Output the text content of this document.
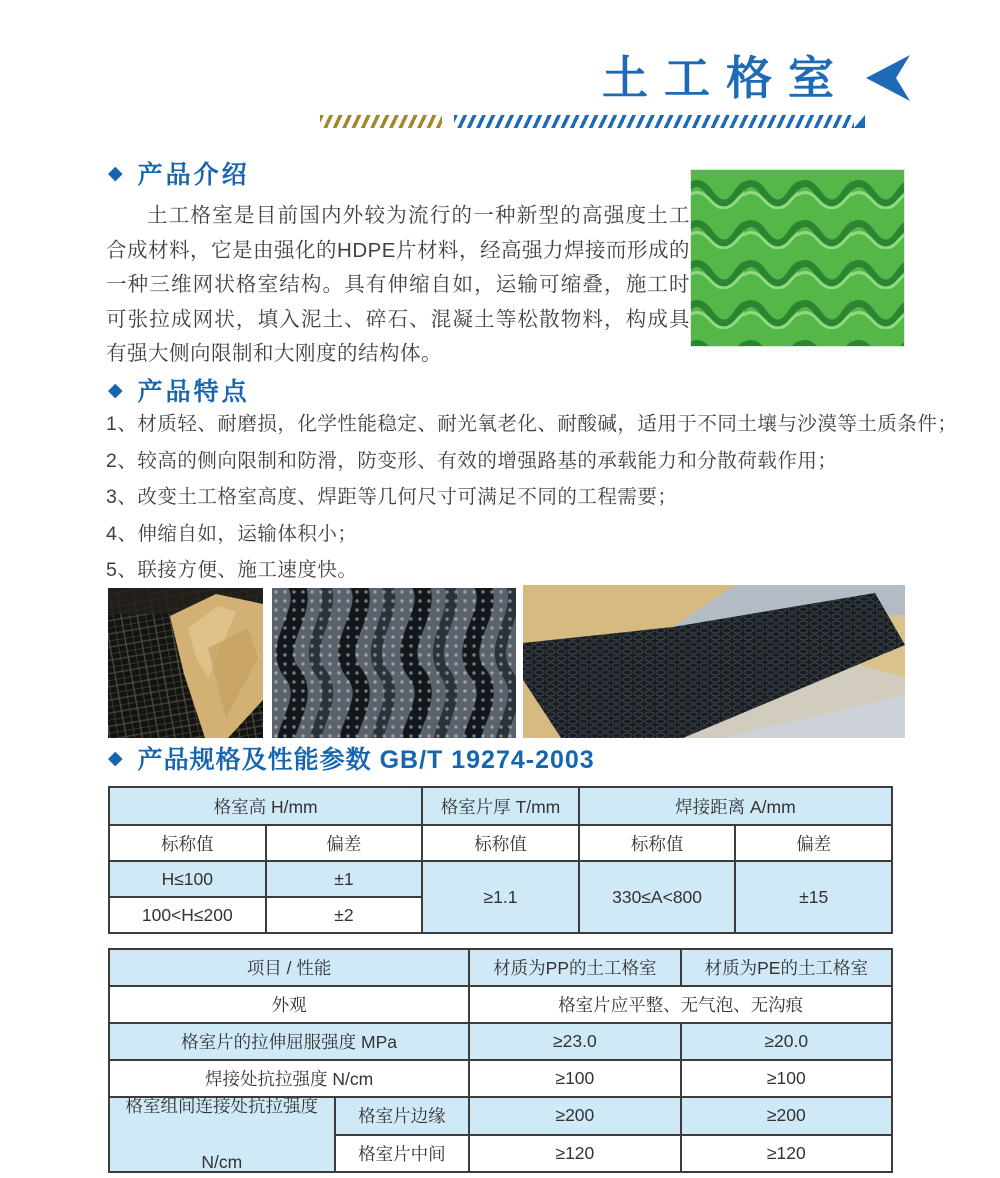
土工格室
◆ 产品介绍
土工格室是目前国内外较为流行的一种新型的高强度土工合成材料，它是由强化的HDPE片材料，经高强力焊接而形成的一种三维网状格室结构。具有伸缩自如，运输可缩叠，施工时可张拉成网状，填入泥土、碎石、混凝土等松散物料，构成具有强大侧向限制和大刚度的结构体。
◆ 产品特点
1、材质轻、耐磨损，化学性能稳定、耐光氧老化、耐酸碱，适用于不同土壤与沙漠等土质条件；
2、较高的侧向限制和防滑，防变形、有效的增强路基的承载能力和分散荷载作用；
3、改变土工格室高度、焊距等几何尺寸可满足不同的工程需要；
4、伸缩自如，运输体积小；
5、联接方便、施工速度快。
◆ 产品规格及性能参数 GB/T 19274-2003
格室高 H/mm		格室片厚 T/mm	焊接距离 A/mm	
标称值	偏差	标称值	标称值	偏差
H≤100	±1	≥1.1	330≤A<800	±15
100<H≤200	±2			
项目 / 性能		材质为PP的土工格室	材质为PE的土工格室
外观		格室片应平整、无气泡、无沟痕	
格室片的拉伸屈服强度 MPa		≥23.0	≥20.0
焊接处抗拉强度 N/cm		≥100	≥100

格室组间连接处抗拉强度
N/cm	格室片边缘	≥200	≥200
	格室片中间	≥120	≥120
